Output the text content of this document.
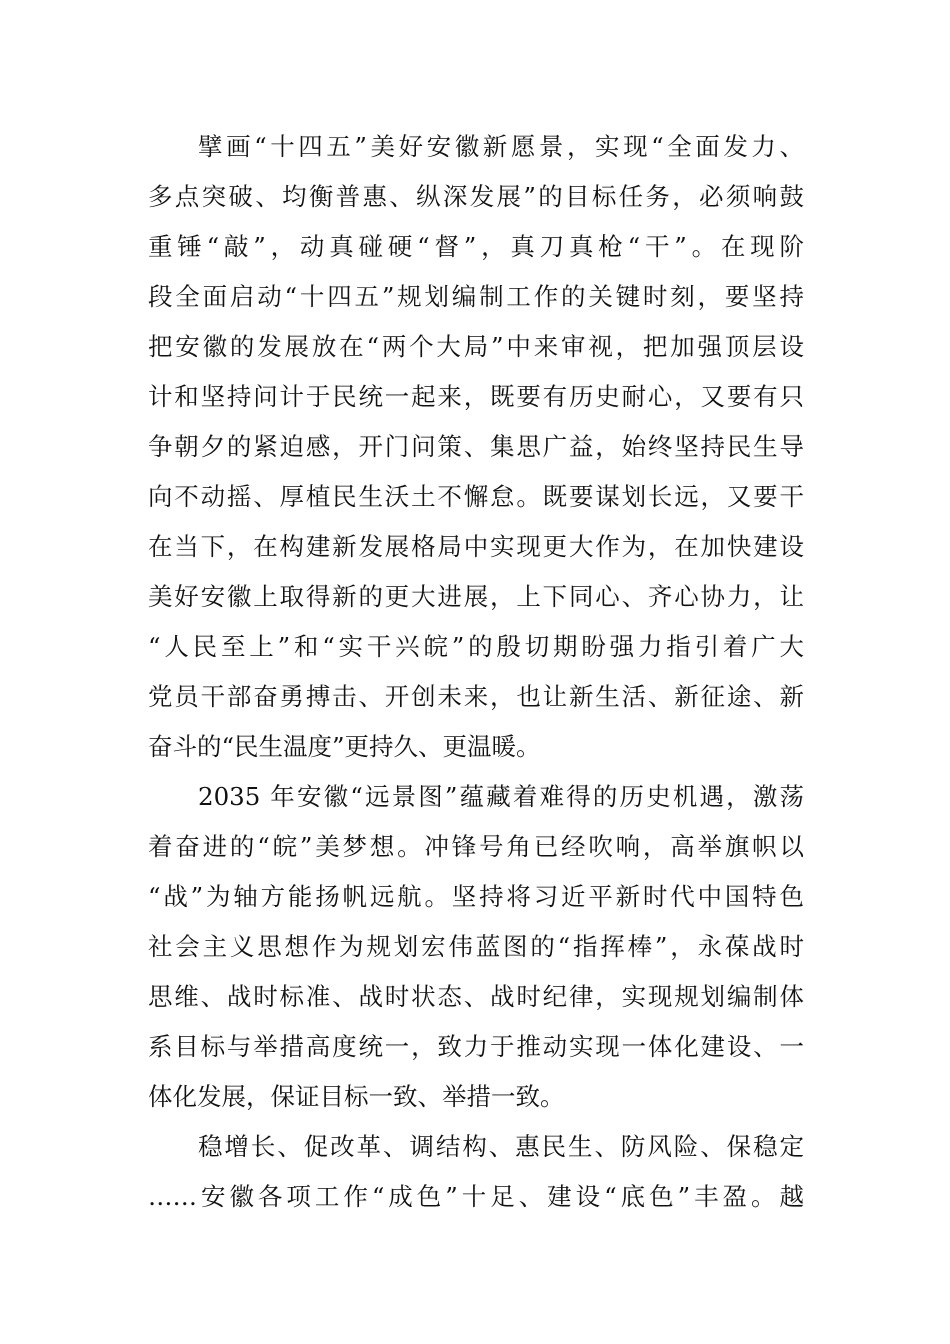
擘画“十四五”美好安徽新愿景，实现“全面发力、
多点突破、均衡普惠、纵深发展”的目标任务，必须响鼓
重锤“敲”，动真碰硬“督”，真刀真枪“干”。在现阶
段全面启动“十四五”规划编制工作的关键时刻，要坚持
把安徽的发展放在“两个大局”中来审视，把加强顶层设
计和坚持问计于民统一起来，既要有历史耐心，又要有只
争朝夕的紧迫感，开门问策、集思广益，始终坚持民生导
向不动摇、厚植民生沃土不懈怠。既要谋划长远，又要干
在当下，在构建新发展格局中实现更大作为，在加快建设
美好安徽上取得新的更大进展，上下同心、齐心协力，让
“人民至上”和“实干兴皖”的殷切期盼强力指引着广大
党员干部奋勇搏击、开创未来，也让新生活、新征途、新
奋斗的“民生温度”更持久、更温暖。
2035 年安徽“远景图”蕴藏着难得的历史机遇，激荡
着奋进的“皖”美梦想。冲锋号角已经吹响，高举旗帜以
“战”为轴方能扬帆远航。坚持将习近平新时代中国特色
社会主义思想作为规划宏伟蓝图的“指挥棒”，永葆战时
思维、战时标准、战时状态、战时纪律，实现规划编制体
系目标与举措高度统一，致力于推动实现一体化建设、一
体化发展，保证目标一致、举措一致。
稳增长、促改革、调结构、惠民生、防风险、保稳定
……安徽各项工作“成色”十足、建设“底色”丰盈。越
